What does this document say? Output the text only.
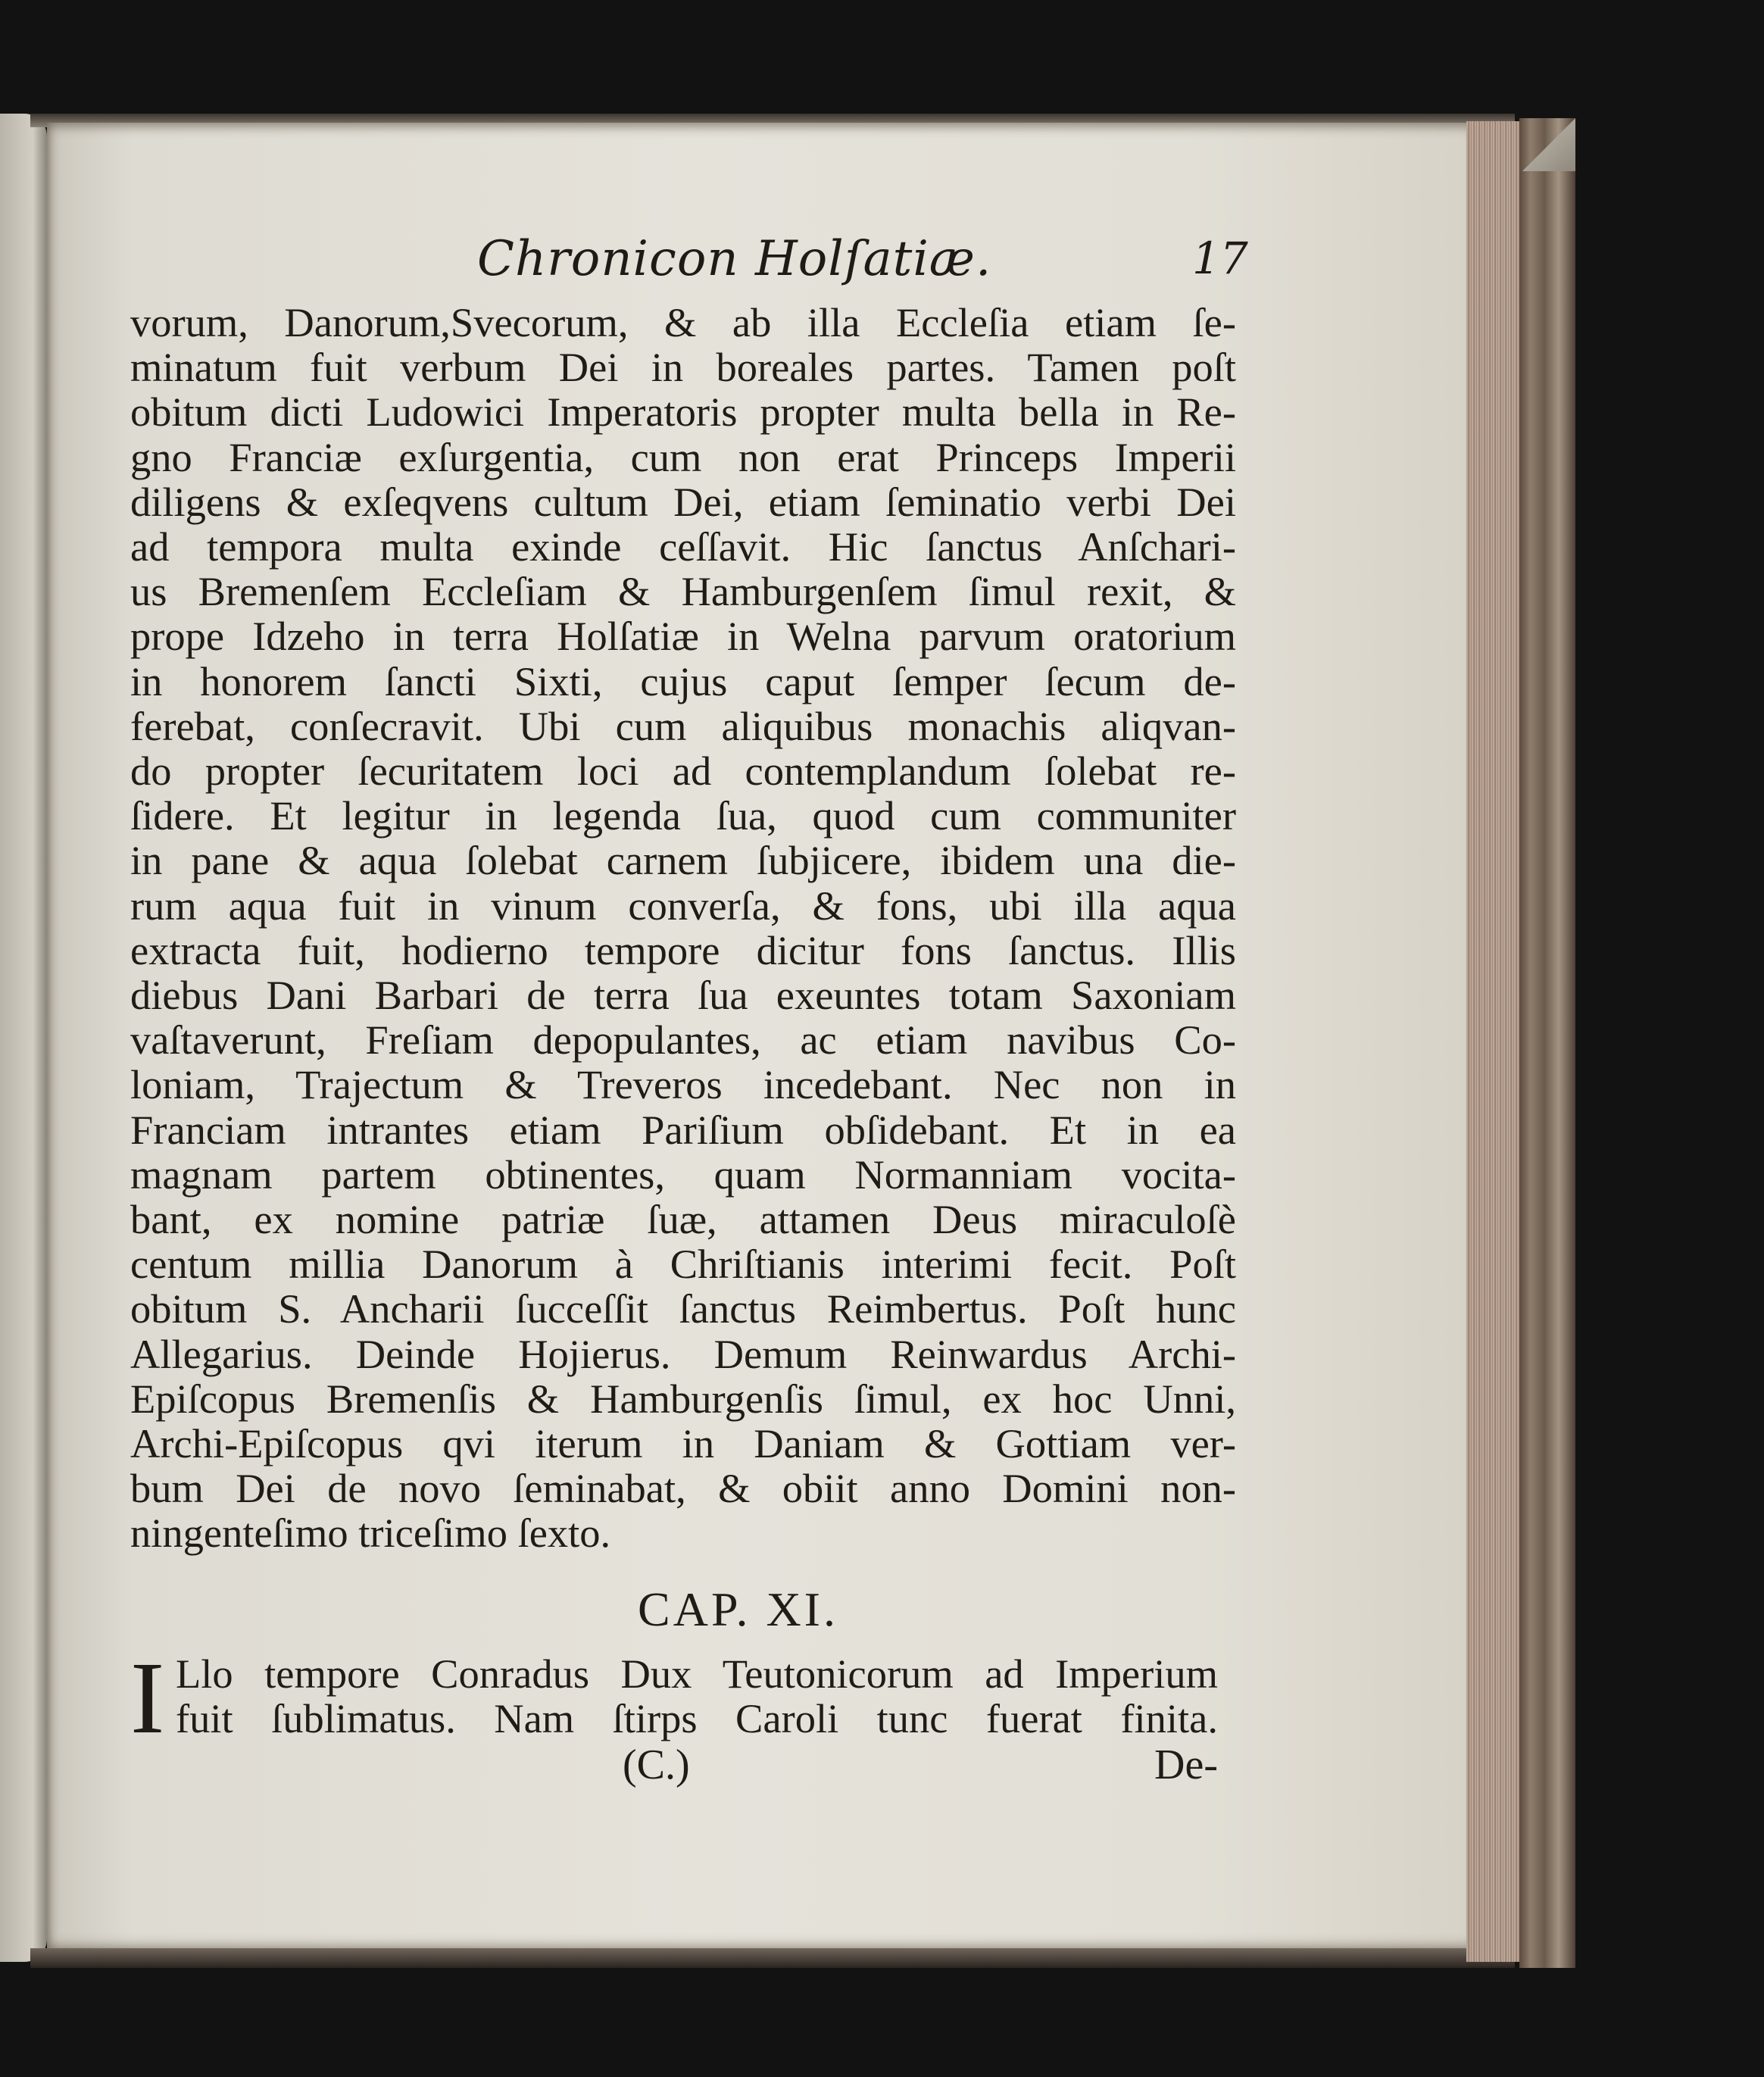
Chronicon Holſatiæ.	17
vorum, Danorum,Svecorum, & ab illa Eccleſia etiam ſe-
minatum fuit verbum Dei in boreales partes. Tamen poſt
obitum dicti Ludowici Imperatoris propter multa bella in Re-
gno Franciæ exſurgentia, cum non erat Princeps Imperii
diligens & exſeqvens cultum Dei, etiam ſeminatio verbi Dei
ad tempora multa exinde ceſſavit. Hic ſanctus Anſchari-
us Bremenſem Eccleſiam & Hamburgenſem ſimul rexit, &
prope Idzeho in terra Holſatiæ in Welna parvum oratorium
in honorem ſancti Sixti, cujus caput ſemper ſecum de-
ferebat, conſecravit. Ubi cum aliquibus monachis aliqvan-
do propter ſecuritatem loci ad contemplandum ſolebat re-
ſidere. Et legitur in legenda ſua, quod cum communiter
in pane & aqua ſolebat carnem ſubjicere, ibidem una die-
rum aqua fuit in vinum converſa, & fons, ubi illa aqua
extracta fuit, hodierno tempore dicitur fons ſanctus. Illis
diebus Dani Barbari de terra ſua exeuntes totam Saxoniam
vaſtaverunt, Freſiam depopulantes, ac etiam navibus Co-
loniam, Trajectum & Treveros incedebant. Nec non in
Franciam intrantes etiam Pariſium obſidebant. Et in ea
magnam partem obtinentes, quam Normanniam vocita-
bant, ex nomine patriæ ſuæ, attamen Deus miraculoſè
centum millia Danorum à Chriſtianis interimi fecit. Poſt
obitum S. Ancharii ſucceſſit ſanctus Reimbertus. Poſt hunc
Allegarius. Deinde Hojierus. Demum Reinwardus Archi-
Epiſcopus Bremenſis & Hamburgenſis ſimul, ex hoc Unni,
Archi-Epiſcopus qvi iterum in Daniam & Gottiam ver-
bum Dei de novo ſeminabat, & obiit anno Domini non-
ningenteſimo triceſimo ſexto.
CAP. XI.
I Llo tempore Conradus Dux Teutonicorum ad Imperium
fuit ſublimatus. Nam ſtirps Caroli tunc fuerat finita.
(C.)	De-
